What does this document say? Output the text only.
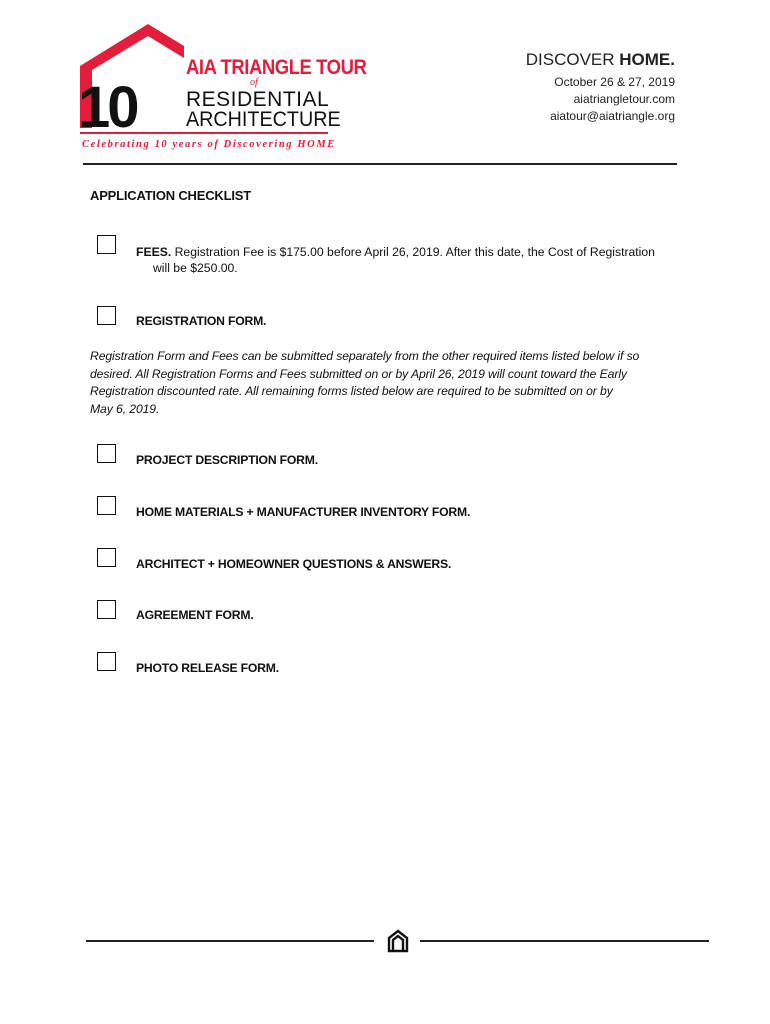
10
AIA TRIANGLE TOUR
of
RESIDENTIAL
ARCHITECTURE
Celebrating 10 years of Discovering HOME
DISCOVER HOME.
October 26 & 27, 2019
aiatriangletour.com
aiatour@aiatriangle.org
APPLICATION CHECKLIST
FEES. Registration Fee is $175.00 before April 26, 2019. After this date, the Cost of Registration
will be $250.00.
REGISTRATION FORM.
Registration Form and Fees can be submitted separately from the other required items listed below if so
desired. All Registration Forms and Fees submitted on or by April 26, 2019 will count toward the Early
Registration discounted rate. All remaining forms listed below are required to be submitted on or by
May 6, 2019.
PROJECT DESCRIPTION FORM.
HOME MATERIALS + MANUFACTURER INVENTORY FORM.
ARCHITECT + HOMEOWNER QUESTIONS & ANSWERS.
AGREEMENT FORM.
PHOTO RELEASE FORM.
